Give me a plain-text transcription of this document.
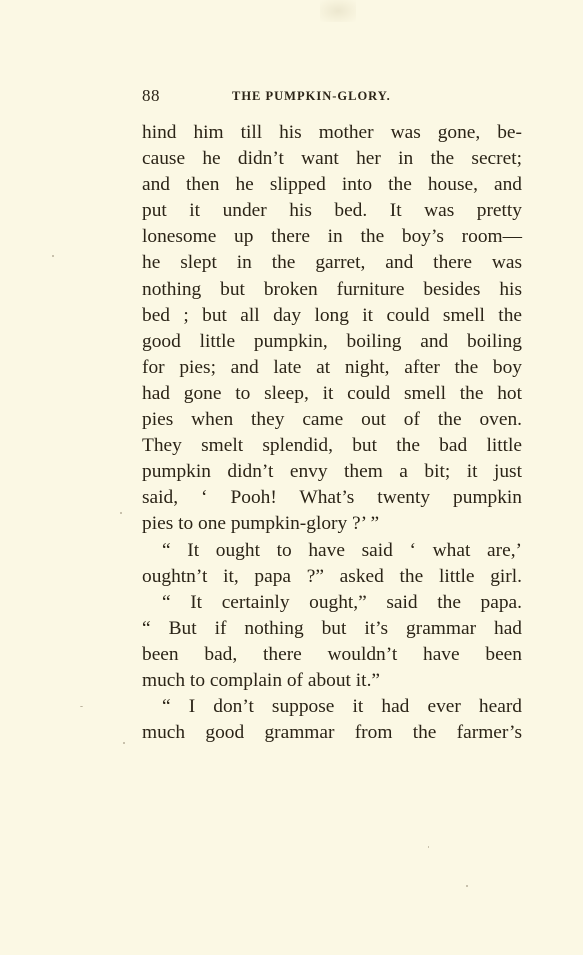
88	THE PUMPKIN-GLORY.
hind him till his mother was gone, be-
cause he didn’t want her in the secret;
and then he slipped into the house, and
put it under his bed. It was pretty
lonesome up there in the boy’s room—
he slept in the garret, and there was
nothing but broken furniture besides his
bed ; but all day long it could smell the
good little pumpkin, boiling and boiling
for pies; and late at night, after the boy
had gone to sleep, it could smell the hot
pies when they came out of the oven.
They smelt splendid, but the bad little
pumpkin didn’t envy them a bit; it just
said, ‘ Pooh! What’s twenty pumpkin
pies to one pumpkin-glory ?’ ”
“ It ought to have said ‘ what are,’
oughtn’t it, papa ?” asked the little girl.
“ It certainly ought,” said the papa.
“ But if nothing but it’s grammar had
been bad, there wouldn’t have been
much to complain of about it.”
“ I don’t suppose it had ever heard
much good grammar from the farmer’s
